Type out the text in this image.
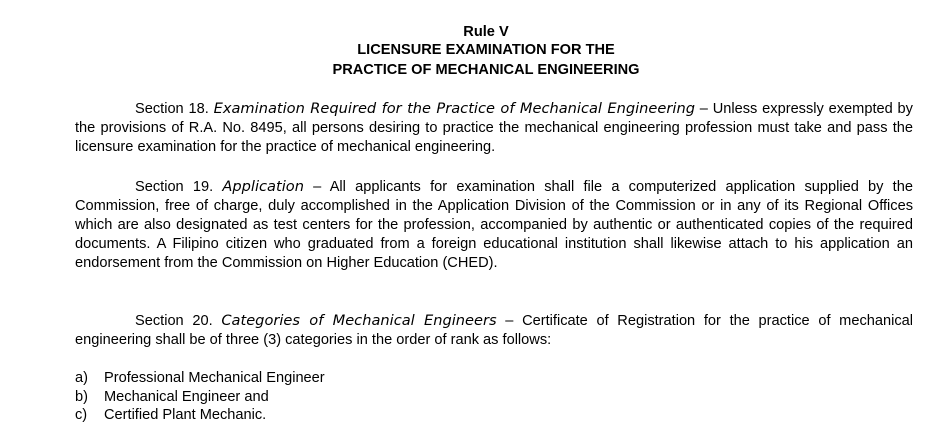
Rule V

LICENSURE EXAMINATION FOR THE

PRACTICE OF MECHANICAL ENGINEERING

Section 18. Examination Required for the Practice of Mechanical Engineering – Unless expressly exempted by the provisions of R.A. No. 8495, all persons desiring to practice the mechanical engineering profession must take and pass the licensure examination for the practice of mechanical engineering.

Section 19. Application – All applicants for examination shall file a computerized application supplied by the Commission, free of charge, duly accomplished in the Application Division of the Commission or in any of its Regional Offices which are also designated as test centers for the profession, accompanied by authentic or authenticated copies of the required documents. A Filipino citizen who graduated from a foreign educational institution shall likewise attach to his application an endorsement from the Commission on Higher Education (CHED).

Section 20. Categories of Mechanical Engineers – Certificate of Registration for the practice of mechanical engineering shall be of three (3) categories in the order of rank as follows:

a) Professional Mechanical Engineer
b) Mechanical Engineer and
c) Certified Plant Mechanic.
